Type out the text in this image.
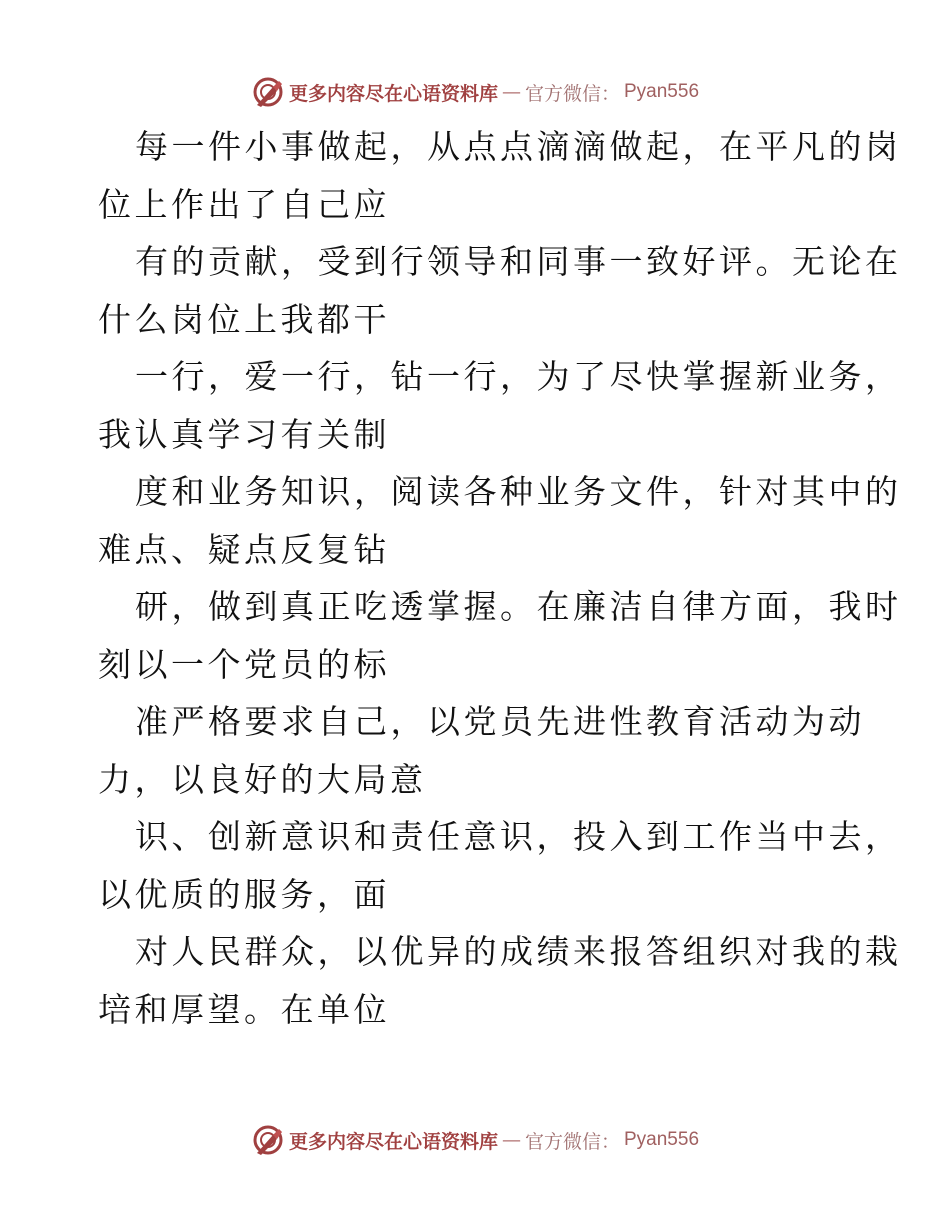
更多内容尽在心语资料库 — 官方微信： Pyan556
每一件小事做起，从点点滴滴做起，在平凡的岗
位上作出了自己应
有的贡献，受到行领导和同事一致好评。无论在
什么岗位上我都干
一行，爱一行，钻一行，为了尽快掌握新业务，
我认真学习有关制
度和业务知识，阅读各种业务文件，针对其中的
难点、疑点反复钻
研，做到真正吃透掌握。在廉洁自律方面，我时
刻以一个党员的标
准严格要求自己，以党员先进性教育活动为动
力，以良好的大局意
识、创新意识和责任意识，投入到工作当中去，
以优质的服务，面
对人民群众，以优异的成绩来报答组织对我的栽
培和厚望。在单位
更多内容尽在心语资料库 — 官方微信： Pyan556
